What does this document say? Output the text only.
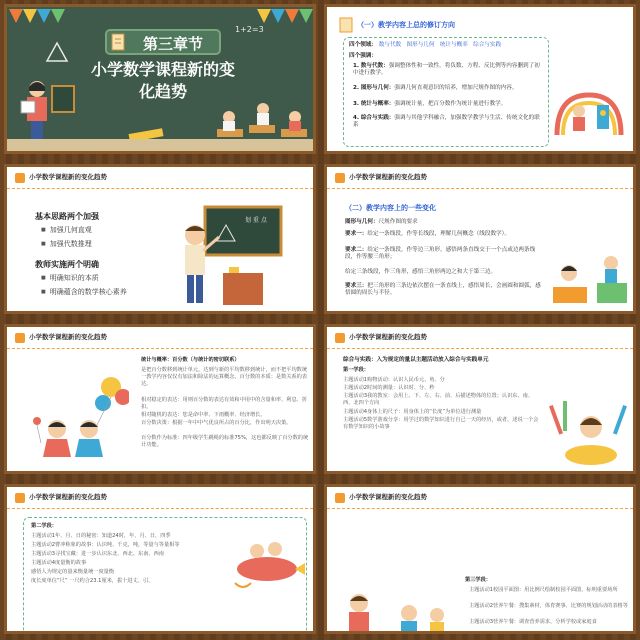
第三章节
1+2=3
小学数学课程新的变
化趋势
（一）教学内容上总的修订方向
四个领域： 数与代数 图形与几何 统计与概率 综合与实践
四个强调：
1. 数与代数：强调整体性和一致性，将负数、方程、反比例等内容删到了初中进行教学。
2. 图形与几何：强调几何直观意识的培养，增加尺规作图的内容。
3. 统计与概率：强调统计量，把百分数作为统计量进行教学。
4. 综合与实践：强调与其他学科融合，加强数学教学与生活、传统文化的联系
小学数学课程新的变化趋势
基本思路两个加强
■ 加强几何直观
■ 加强代数推理
教师实施两个明确
■ 明确知识的本质
■ 明确蕴含的数学核心素养
划 重 点
小学数学课程新的变化趋势
（二）教学内容上的一些变化
图形与几何：尺规作图的要求
要求一：给定一条线段，作等长线段，理解几何概念（线段数学）。
要求二：给定一条线段，作等边三角形，感悟两条直线交于一个点或边两条线段，作等腰三角形；
给定三条线段，作三角形，感悟三角形两边之和大于第三边。
要求三：把三角形的三条边依次摆在一条直线上，感悟周长，会画圆和圆弧，感悟圆的周长与半径。
小学数学课程新的变化趋势
统计与概率：百分数（与统计的密切联系）
是把百分数移到统计单元，达到与新的平均数移到统计，而不把平均数统一教学内容仅仅有加法和除法的运算概念，百分数的本质：是数关系的表达。
相对稳定的表达：用则百分数的表达有效和中用中的含量和率、利息、折扣。
相对随机的表达：您是命中率、下雨概率、经济增长。
百分数决策：根据一年中中气优良所占的百分比，作出明天决策。
百分数作为标准：四年级学生跳绳的标准75%，这也都反映了百分数的统计功能。
小学数学课程新的变化趋势
综合与实践：入为规定的量以主题活动放入综合与实践单元
第一学段：
主题活动1购物活动：认识人民币元、角、分
主题活动2时间的测量：认识时、分、秒
主题活动3我的教室：会用上、下、左、右、前、后描述物体的位置；认识东、南、西、北四个方向
主题活动4身体上的尺子：用身体上的“长度”为单位进行测量
主题活动5数学游戏分享：用学过的数学知识进行自己一天的经历，或者，述说一个会有数学知识的小故事
小学数学课程新的变化趋势
第二学段：
主题活动1年、月、日的秘密：知道24时，年、月、日，四季
主题活动2曹冲称象的故事：认识吨、千克，吨，等量与等量相等
主题活动3寻找宝藏：进一步认识东北、西北、东南、西南
主题活动4度量衡的故事
感悟人为规定的量来衡量统一度量衡
度长度单位“尺” 一尺约合23.1厘米，拔十进丈、引、
小学数学课程新的变化趋势
第三学段：
主题活动1校园平面图：用比例尺绘制校园平面图，标明重要场所
主题活动2营养午餐：搜集素材，体育赛事、比赛的规划活动的表格等
主题活动3营养午餐：调查营养需求，分析学校或家庭食
